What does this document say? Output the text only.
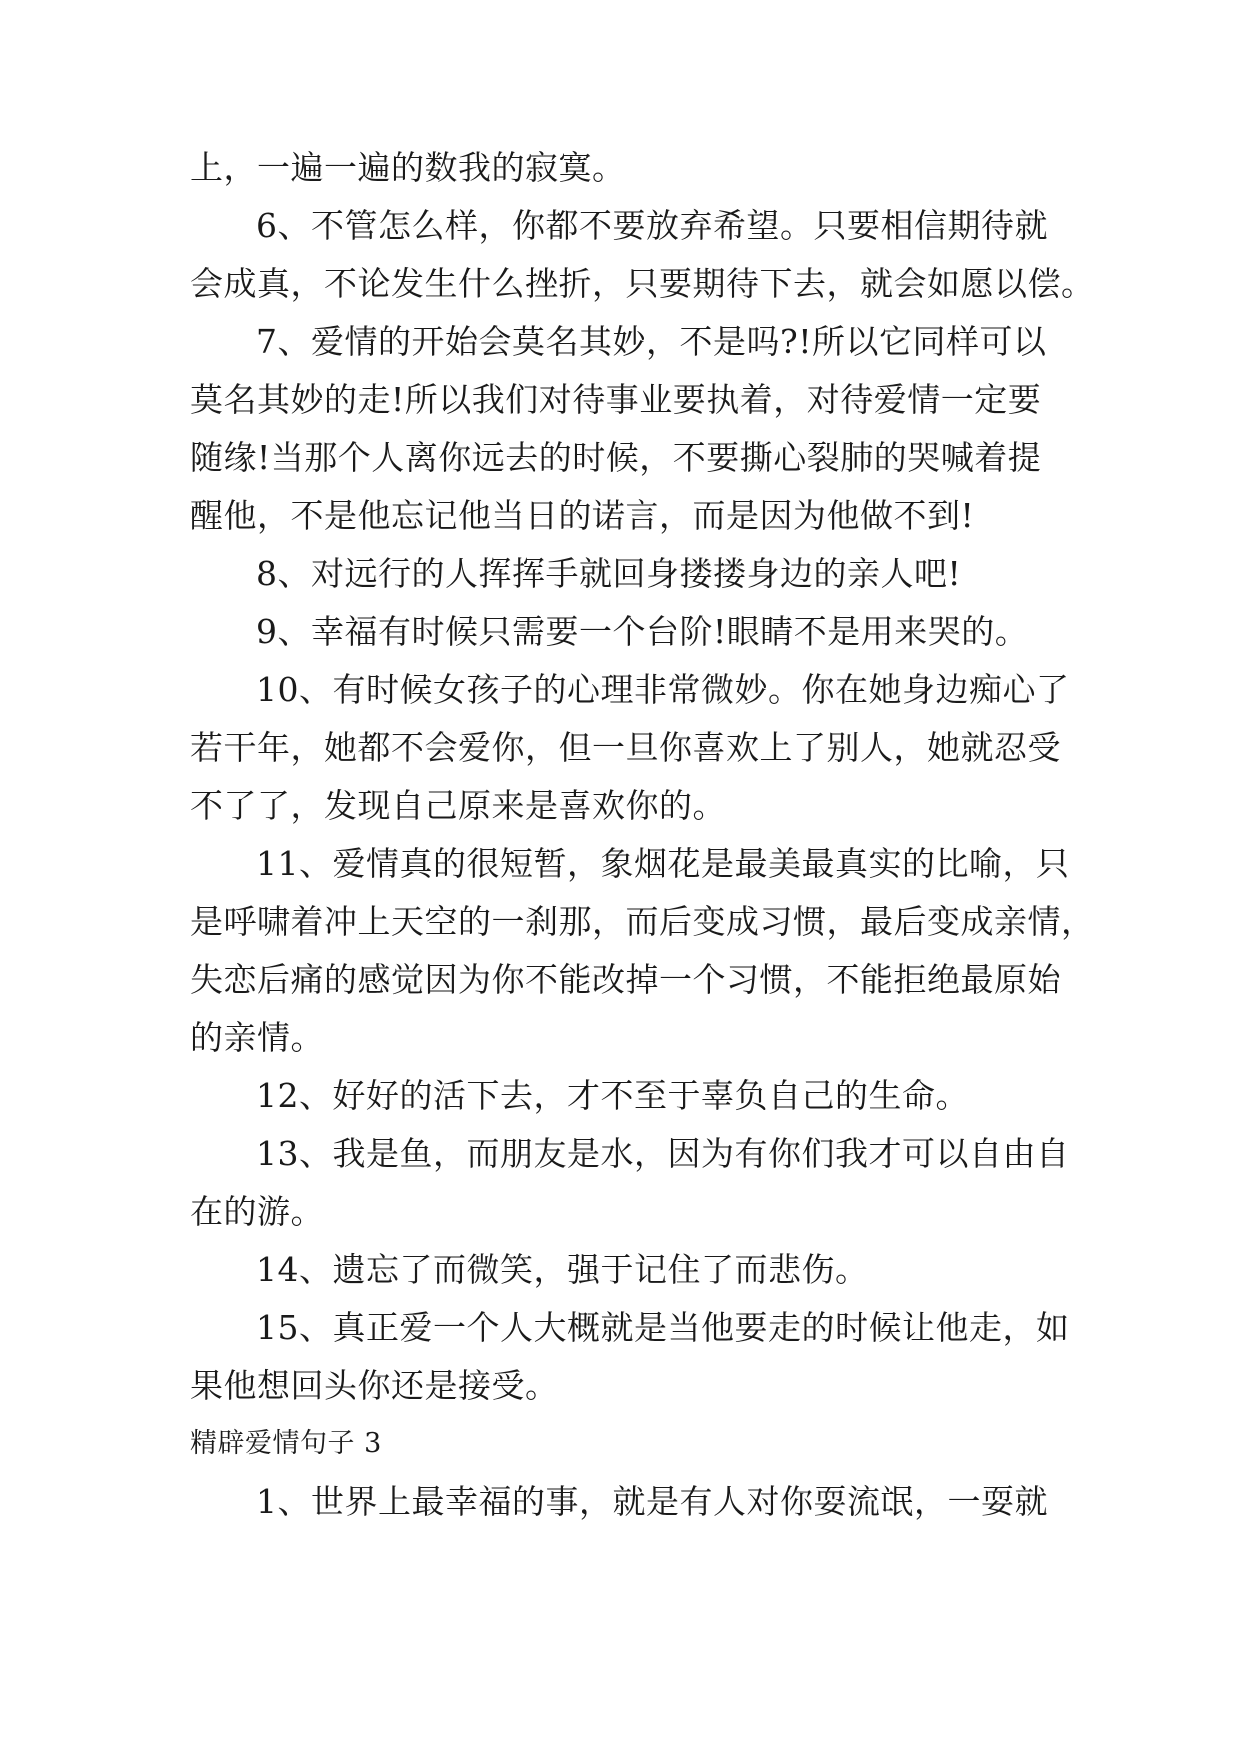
上，一遍一遍的数我的寂寞。
6、不管怎么样，你都不要放弃希望。只要相信期待就
会成真，不论发生什么挫折，只要期待下去，就会如愿以偿。
7、爱情的开始会莫名其妙，不是吗?!所以它同样可以
莫名其妙的走!所以我们对待事业要执着，对待爱情一定要
随缘!当那个人离你远去的时候，不要撕心裂肺的哭喊着提
醒他，不是他忘记他当日的诺言，而是因为他做不到!
8、对远行的人挥挥手就回身搂搂身边的亲人吧!
9、幸福有时候只需要一个台阶!眼睛不是用来哭的。
10、有时候女孩子的心理非常微妙。你在她身边痴心了
若干年，她都不会爱你，但一旦你喜欢上了别人，她就忍受
不了了，发现自己原来是喜欢你的。
11、爱情真的很短暂，象烟花是最美最真实的比喻，只
是呼啸着冲上天空的一刹那，而后变成习惯，最后变成亲情，
失恋后痛的感觉因为你不能改掉一个习惯，不能拒绝最原始
的亲情。
12、好好的活下去，才不至于辜负自己的生命。
13、我是鱼，而朋友是水，因为有你们我才可以自由自
在的游。
14、遗忘了而微笑，强于记住了而悲伤。
15、真正爱一个人大概就是当他要走的时候让他走，如
果他想回头你还是接受。
精辟爱情句子 3
1、世界上最幸福的事，就是有人对你耍流氓，一耍就
